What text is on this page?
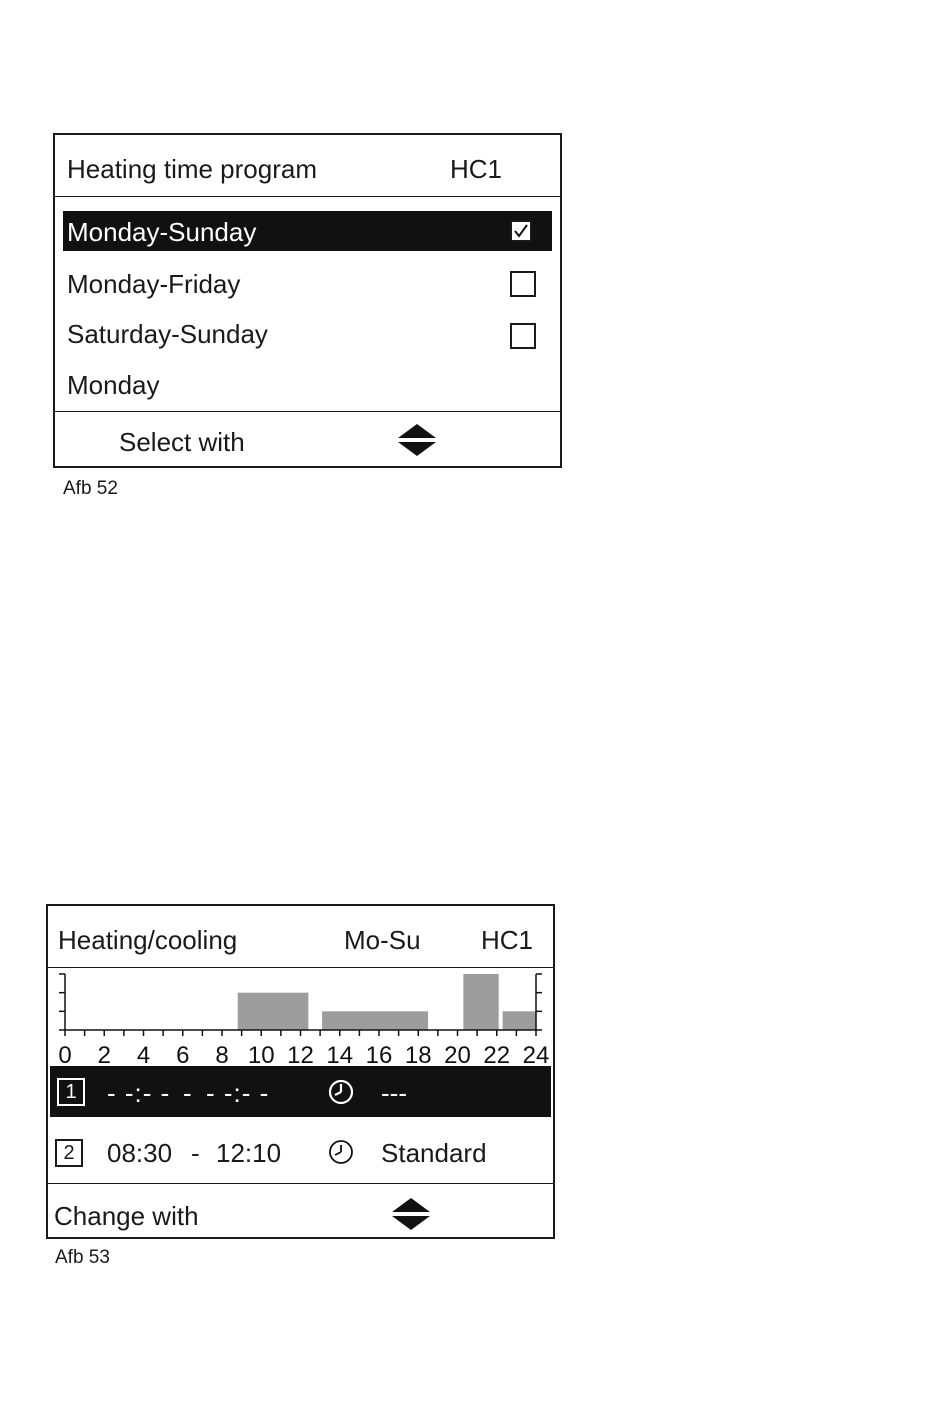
Heating time program	HC1
Monday-Sunday
Monday-Friday
Saturday-Sunday
Monday
Select with
Afb 52
Heating/cooling	Mo-Su HC1
0 2 4 6 8 10 12 14 16 18 20 22 24
1	- -:- - - - -:- -	---
2	08:30 - 12:10	Standard
Change with
Afb 53
